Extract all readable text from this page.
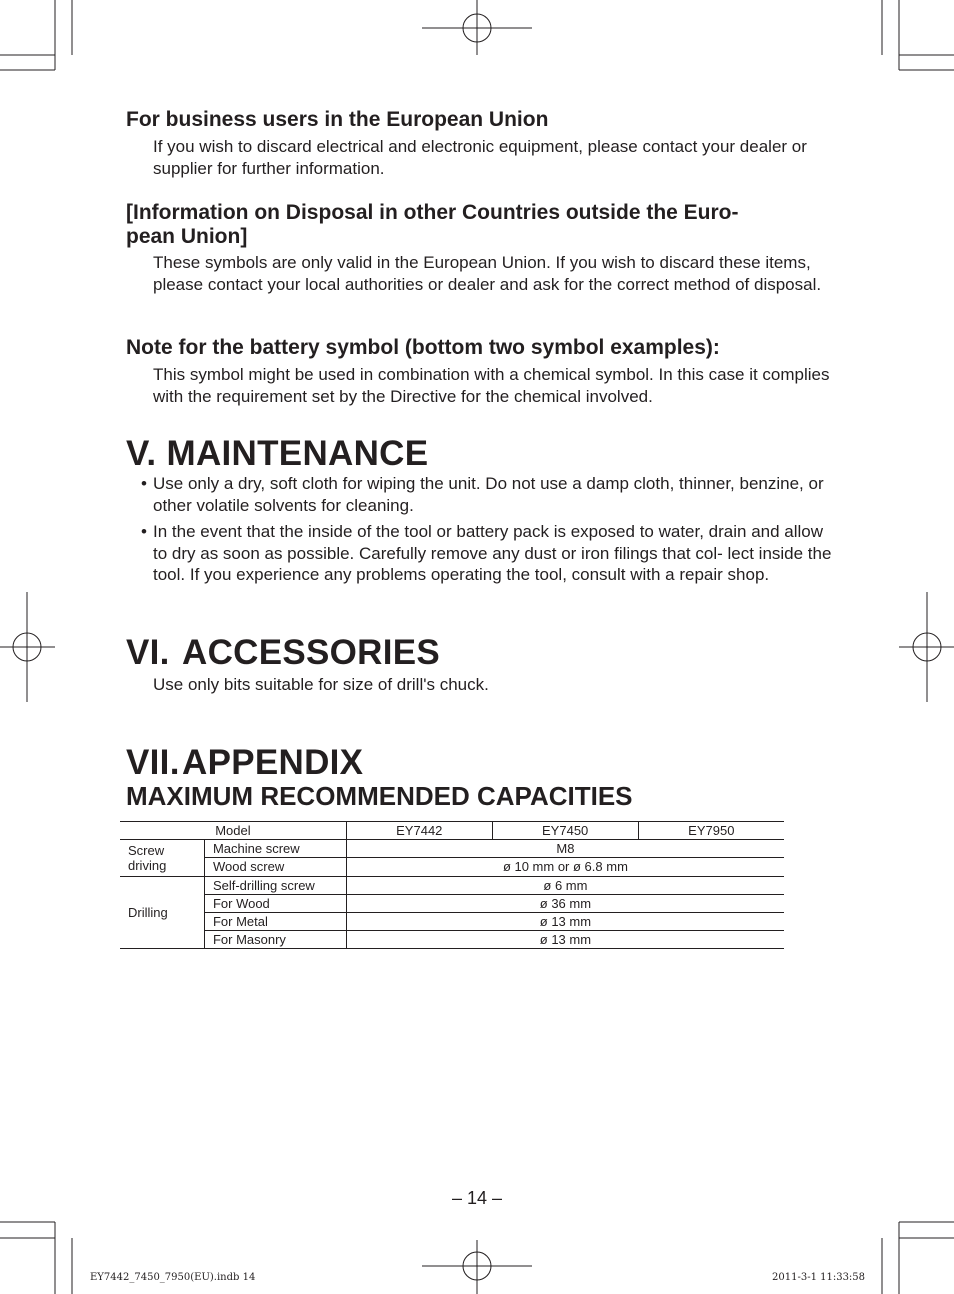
For business users in the European Union

If you wish to discard electrical and electronic equipment, please contact your dealer or supplier for further information.

[Information on Disposal in other Countries outside the Euro-
pean Union]

These symbols are only valid in the European Union. If you wish to discard these items, please contact your local authorities or dealer and ask for the correct method of disposal.

Note for the battery symbol (bottom two symbol examples):

This symbol might be used in combination with a chemical symbol. In this case it complies with the requirement set by the Directive for the chemical involved.

V. MAINTENANCE
• Use only a dry, soft cloth for wiping the unit. Do not use a damp cloth, thinner, benzine, or other volatile solvents for cleaning.
• In the event that the inside of the tool or battery pack is exposed to water, drain and allow to dry as soon as possible. Carefully remove any dust or iron filings that col- lect inside the tool. If you experience any problems operating the tool, consult with a repair shop.
VI. ACCESSORIES

Use only bits suitable for size of drill's chuck.

VII.APPENDIX
MAXIMUM RECOMMENDED CAPACITIES
Model		EY7442	EY7450	EY7950
Screw driving	Machine screw	M8		
	Wood screw	ø 10 mm or ø 6.8 mm		
Drilling	Self-drilling screw	ø 6 mm		
	For Wood	ø 36 mm		
	For Metal	ø 13 mm		
	For Masonry	ø 13 mm		
– 14 –
EY7442_7450_7950(EU).indb 14	2011-3-1 11:33:58
